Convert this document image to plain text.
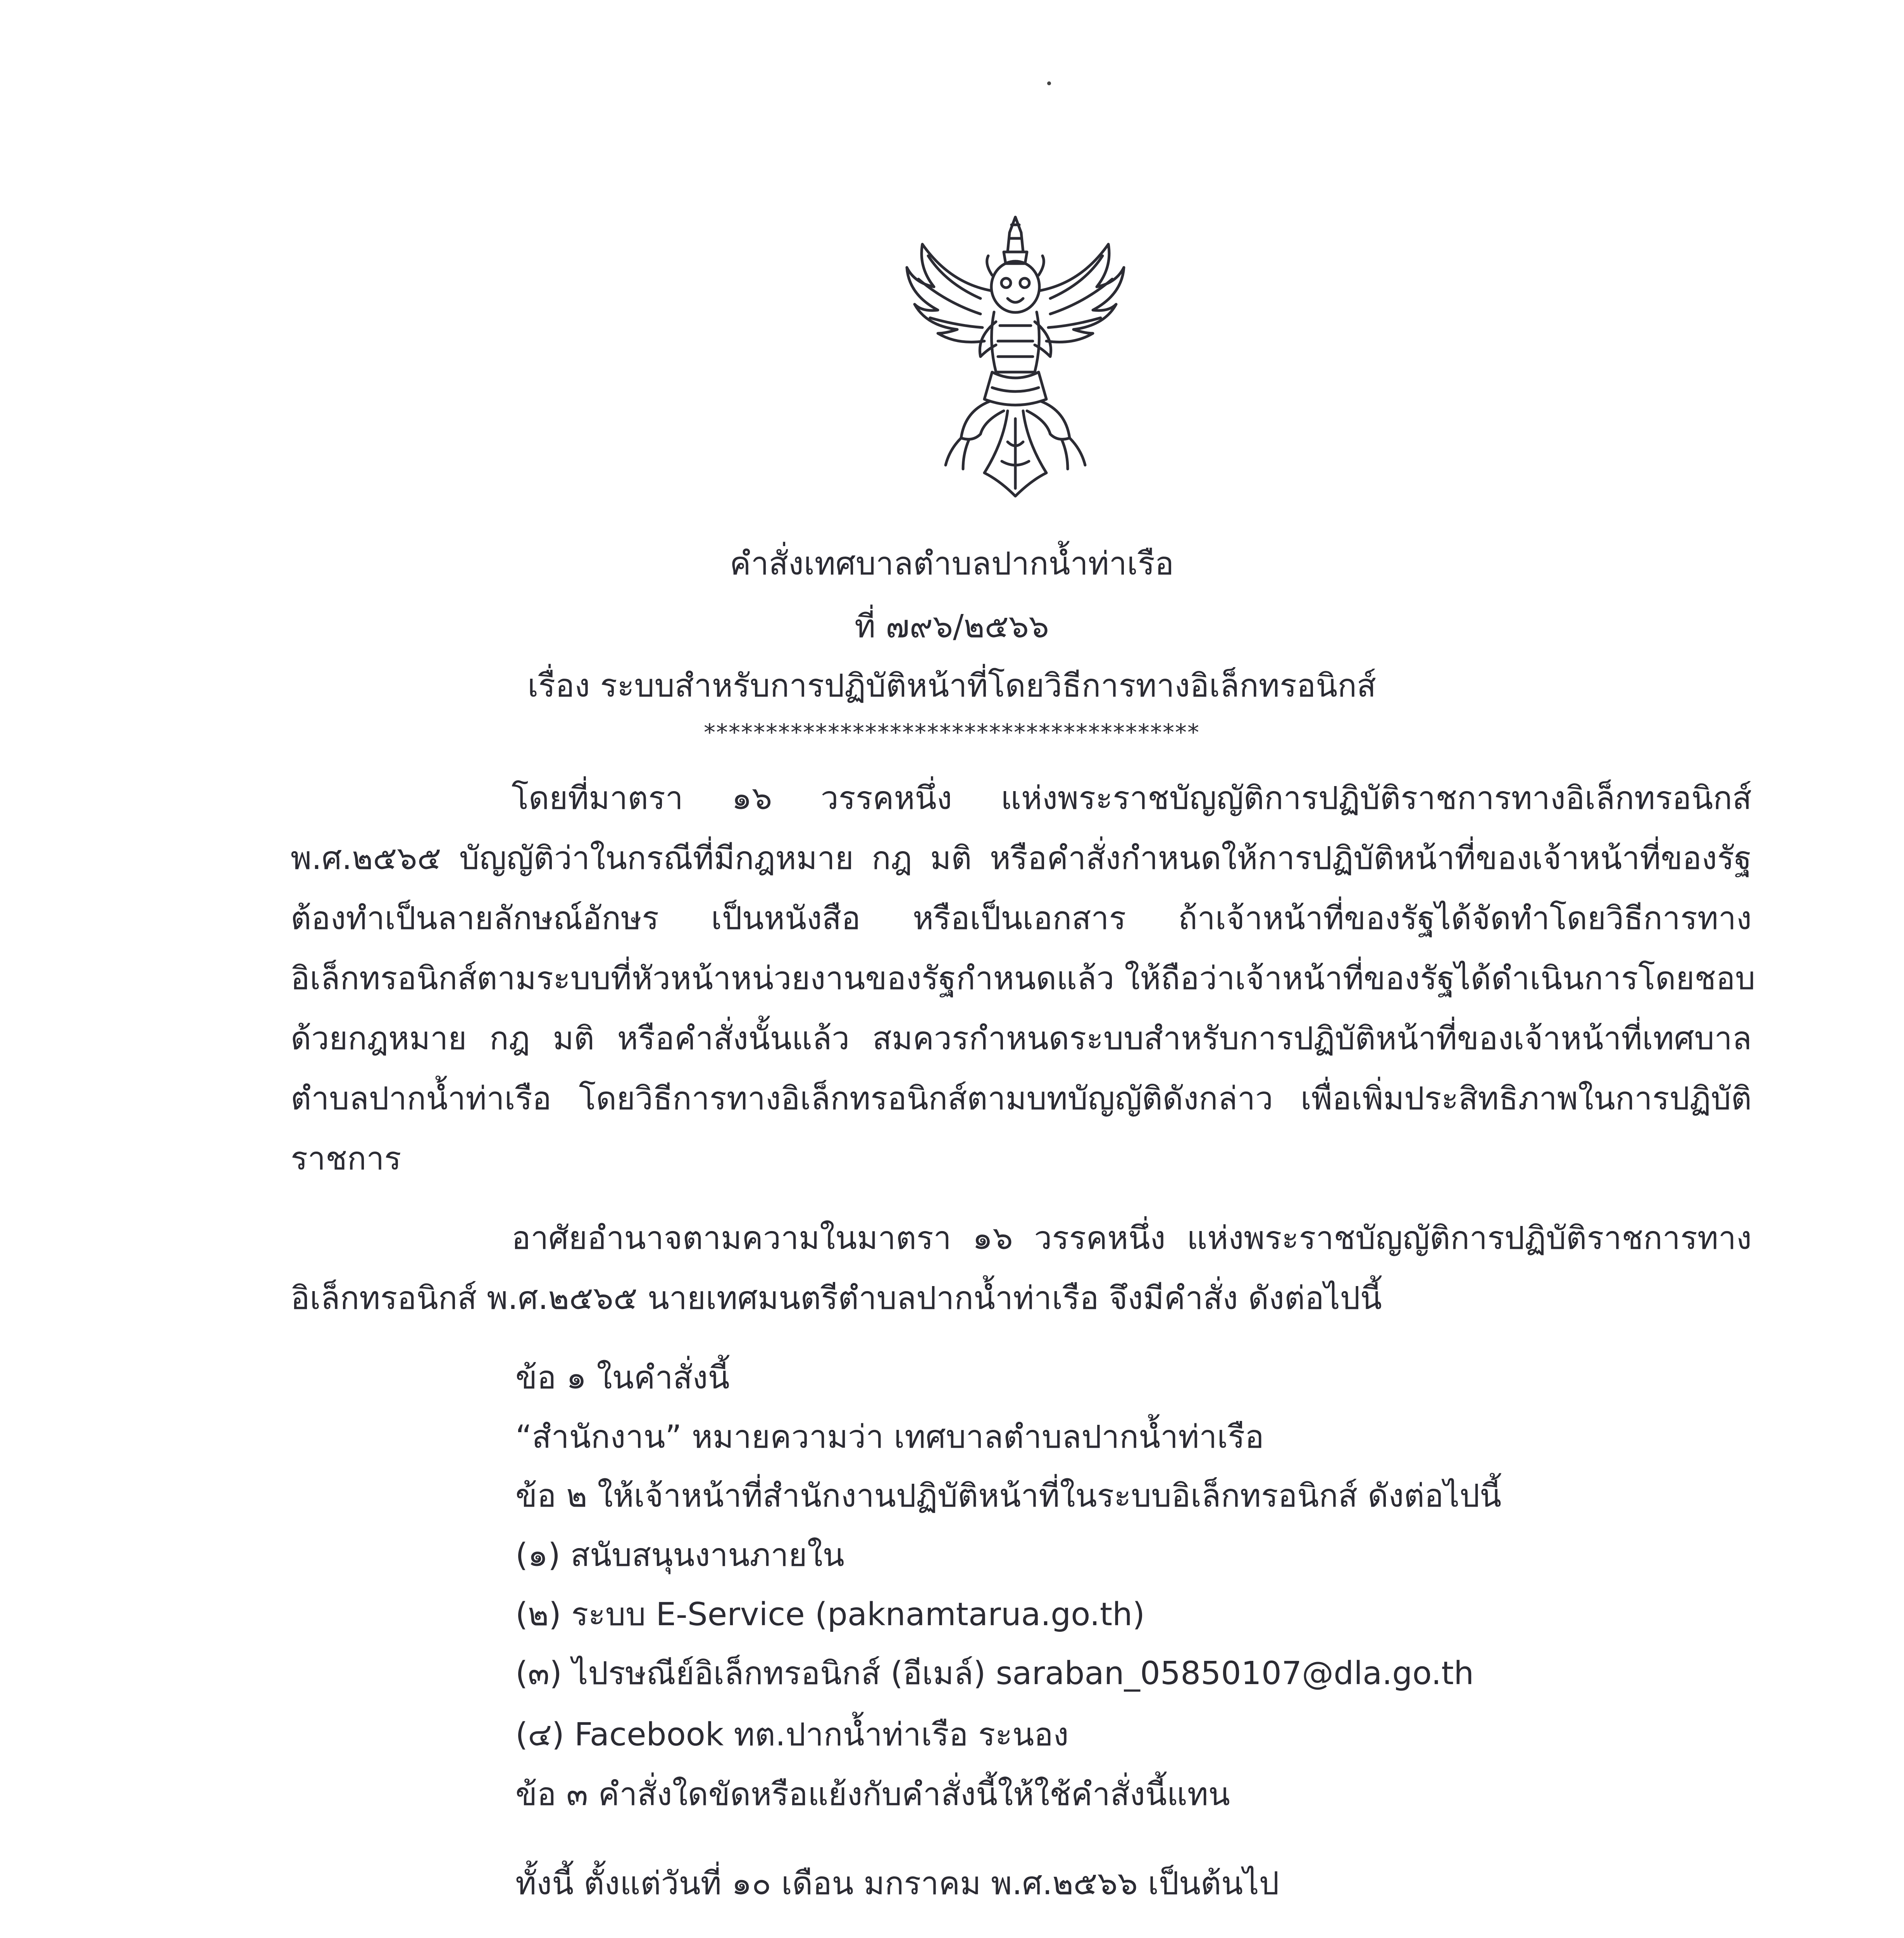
คำสั่งเทศบาลตำบลปากน้ำท่าเรือ

ที่ ๗๙๖/๒๕๖๖

เรื่อง ระบบสำหรับการปฏิบัติหน้าที่โดยวิธีการทางอิเล็กทรอนิกส์

****************************************

โดยที่มาตรา ๑๖ วรรคหนึ่ง แห่งพระราชบัญญัติการปฏิบัติราชการทางอิเล็กทรอนิกส์

พ.ศ.๒๕๖๕ บัญญัติว่าในกรณีที่มีกฎหมาย กฎ มติ หรือคำสั่งกำหนดให้การปฏิบัติหน้าที่ของเจ้าหน้าที่ของรัฐ

ต้องทำเป็นลายลักษณ์อักษร เป็นหนังสือ หรือเป็นเอกสาร ถ้าเจ้าหน้าที่ของรัฐได้จัดทำโดยวิธีการทาง

อิเล็กทรอนิกส์ตามระบบที่หัวหน้าหน่วยงานของรัฐกำหนดแล้ว ให้ถือว่าเจ้าหน้าที่ของรัฐได้ดำเนินการโดยชอบ

ด้วยกฎหมาย กฎ มติ หรือคำสั่งนั้นแล้ว สมควรกำหนดระบบสำหรับการปฏิบัติหน้าที่ของเจ้าหน้าที่เทศบาล

ตำบลปากน้ำท่าเรือ โดยวิธีการทางอิเล็กทรอนิกส์ตามบทบัญญัติดังกล่าว เพื่อเพิ่มประสิทธิภาพในการปฏิบัติ

ราชการ

อาศัยอำนาจตามความในมาตรา ๑๖ วรรคหนึ่ง แห่งพระราชบัญญัติการปฏิบัติราชการทาง

อิเล็กทรอนิกส์ พ.ศ.๒๕๖๕ นายเทศมนตรีตำบลปากน้ำท่าเรือ จึงมีคำสั่ง ดังต่อไปนี้

ข้อ ๑ ในคำสั่งนี้

“สำนักงาน” หมายความว่า เทศบาลตำบลปากน้ำท่าเรือ

ข้อ ๒ ให้เจ้าหน้าที่สำนักงานปฏิบัติหน้าที่ในระบบอิเล็กทรอนิกส์ ดังต่อไปนี้

(๑) สนับสนุนงานภายใน

(๒) ระบบ E-Service (paknamtarua.go.th)

(๓) ไปรษณีย์อิเล็กทรอนิกส์ (อีเมล์) saraban_05850107@dla.go.th

(๔) Facebook ทต.ปากน้ำท่าเรือ ระนอง

ข้อ ๓ คำสั่งใดขัดหรือแย้งกับคำสั่งนี้ให้ใช้คำสั่งนี้แทน

ทั้งนี้ ตั้งแต่วันที่ ๑๐ เดือน มกราคม พ.ศ.๒๕๖๖ เป็นต้นไป
